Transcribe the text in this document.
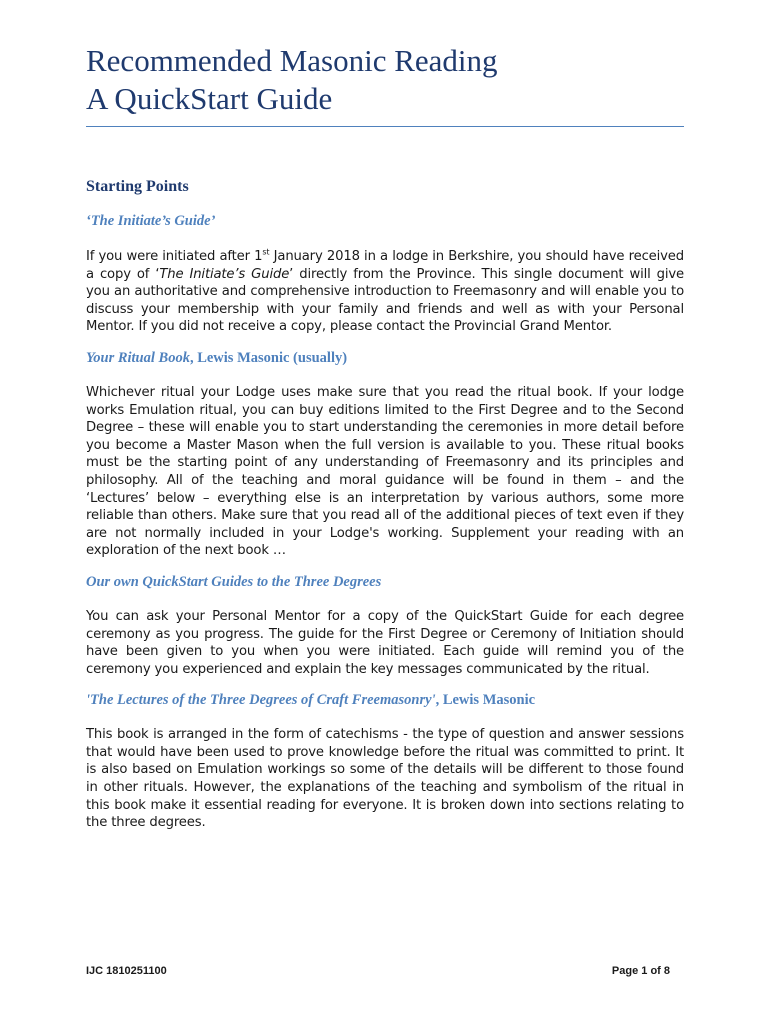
Recommended Masonic Reading
A QuickStart Guide
Starting Points
‘The Initiate’s Guide’

If you were initiated after 1st January 2018 in a lodge in Berkshire, you should have received a copy of ‘The Initiate’s Guide’ directly from the Province. This single document will give you an authoritative and comprehensive introduction to Freemasonry and will enable you to discuss your membership with your family and friends and well as with your Personal Mentor. If you did not receive a copy, please contact the Provincial Grand Mentor.

Your Ritual Book, Lewis Masonic (usually)

Whichever ritual your Lodge uses make sure that you read the ritual book. If your lodge works Emulation ritual, you can buy editions limited to the First Degree and to the Second Degree – these will enable you to start understanding the ceremonies in more detail before you become a Master Mason when the full version is available to you. These ritual books must be the starting point of any understanding of Freemasonry and its principles and philosophy. All of the teaching and moral guidance will be found in them – and the ‘Lectures’ below – everything else is an interpretation by various authors, some more reliable than others. Make sure that you read all of the additional pieces of text even if they are not normally included in your Lodge's working. Supplement your reading with an exploration of the next book …

Our own QuickStart Guides to the Three Degrees

You can ask your Personal Mentor for a copy of the QuickStart Guide for each degree ceremony as you progress. The guide for the First Degree or Ceremony of Initiation should have been given to you when you were initiated. Each guide will remind you of the ceremony you experienced and explain the key messages communicated by the ritual.

'The Lectures of the Three Degrees of Craft Freemasonry', Lewis Masonic

This book is arranged in the form of catechisms - the type of question and answer sessions that would have been used to prove knowledge before the ritual was committed to print. It is also based on Emulation workings so some of the details will be different to those found in other rituals. However, the explanations of the teaching and symbolism of the ritual in this book make it essential reading for everyone. It is broken down into sections relating to the three degrees.

IJC 1810251100	Page 1 of 8
